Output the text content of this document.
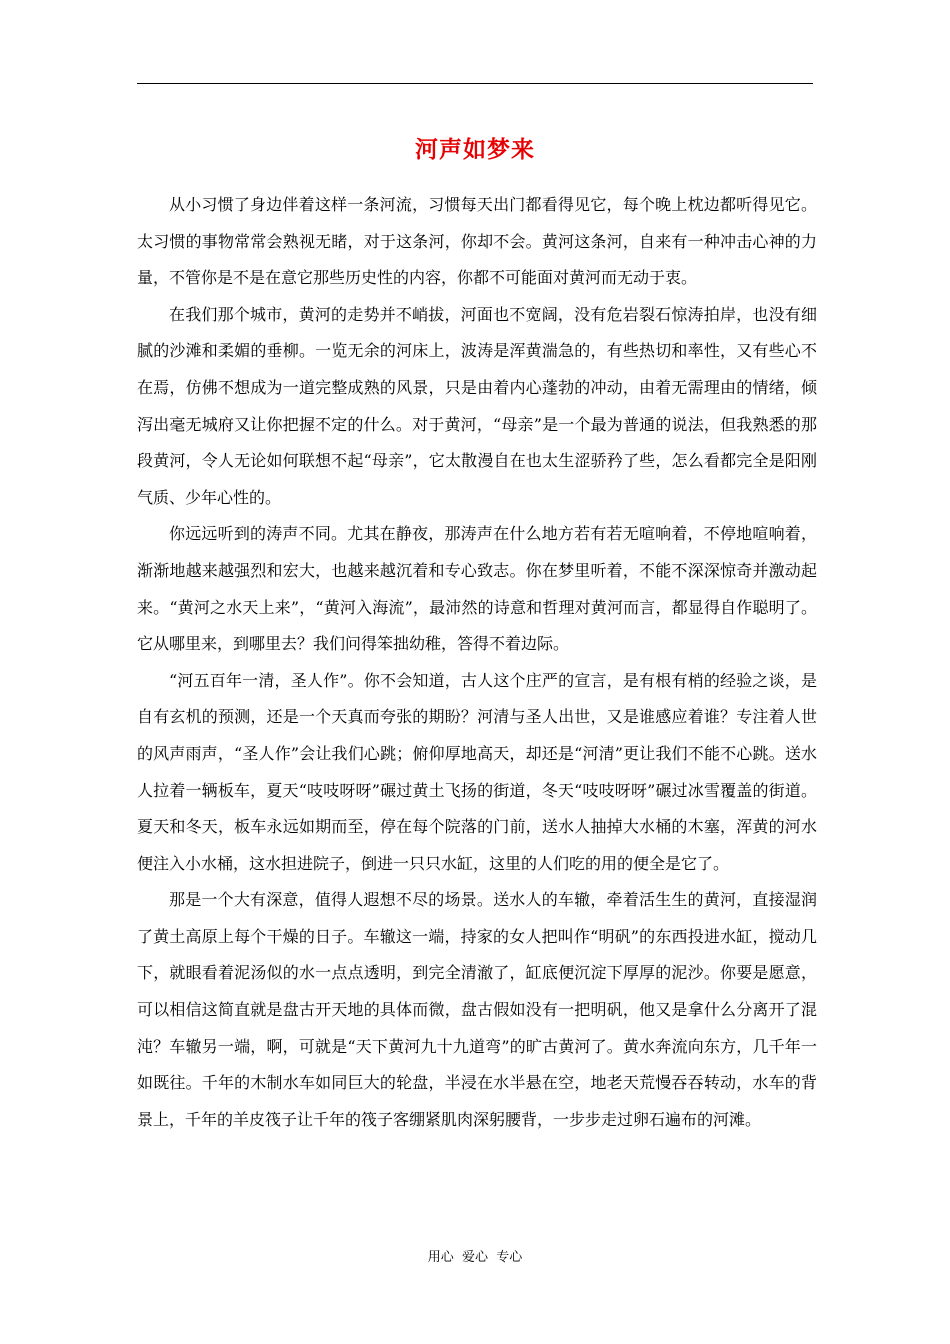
河声如梦来

从小习惯了身边伴着这样一条河流，习惯每天出门都看得见它，每个晚上枕边都听得见它。太习惯的事物常常会熟视无睹，对于这条河，你却不会。黄河这条河，自来有一种冲击心神的力量，不管你是不是在意它那些历史性的内容，你都不可能面对黄河而无动于衷。

在我们那个城市，黄河的走势并不峭拔，河面也不宽阔，没有危岩裂石惊涛拍岸，也没有细腻的沙滩和柔媚的垂柳。一览无余的河床上，波涛是浑黄湍急的，有些热切和率性，又有些心不在焉，仿佛不想成为一道完整成熟的风景，只是由着内心蓬勃的冲动，由着无需理由的情绪，倾泻出毫无城府又让你把握不定的什么。对于黄河，“母亲”是一个最为普通的说法，但我熟悉的那段黄河，令人无论如何联想不起“母亲”，它太散漫自在也太生涩骄矜了些，怎么看都完全是阳刚气质、少年心性的。

你远远听到的涛声不同。尤其在静夜，那涛声在什么地方若有若无喧响着，不停地喧响着，渐渐地越来越强烈和宏大，也越来越沉着和专心致志。你在梦里听着，不能不深深惊奇并激动起来。“黄河之水天上来”，“黄河入海流”，最沛然的诗意和哲理对黄河而言，都显得自作聪明了。它从哪里来，到哪里去？我们问得笨拙幼稚，答得不着边际。

“河五百年一清，圣人作”。你不会知道，古人这个庄严的宣言，是有根有梢的经验之谈，是自有玄机的预测，还是一个天真而夸张的期盼？河清与圣人出世，又是谁感应着谁？专注着人世的风声雨声，“圣人作”会让我们心跳；俯仰厚地高天，却还是“河清”更让我们不能不心跳。送水人拉着一辆板车，夏天“吱吱呀呀”碾过黄土飞扬的街道，冬天“吱吱呀呀”碾过冰雪覆盖的街道。夏天和冬天，板车永远如期而至，停在每个院落的门前，送水人抽掉大水桶的木塞，浑黄的河水便注入小水桶，这水担进院子，倒进一只只水缸，这里的人们吃的用的便全是它了。

那是一个大有深意，值得人遐想不尽的场景。送水人的车辙，牵着活生生的黄河，直接湿润了黄土高原上每个干燥的日子。车辙这一端，持家的女人把叫作“明矾”的东西投进水缸，搅动几下，就眼看着泥汤似的水一点点透明，到完全清澈了，缸底便沉淀下厚厚的泥沙。你要是愿意，可以相信这简直就是盘古开天地的具体而微，盘古假如没有一把明矾，他又是拿什么分离开了混沌？车辙另一端，啊，可就是“天下黄河九十九道弯”的旷古黄河了。黄水奔流向东方，几千年一如既往。千年的木制水车如同巨大的轮盘，半浸在水半悬在空，地老天荒慢吞吞转动，水车的背景上，千年的羊皮筏子让千年的筏子客绷紧肌肉深躬腰背，一步步走过卵石遍布的河滩。

用心  爱心  专心
